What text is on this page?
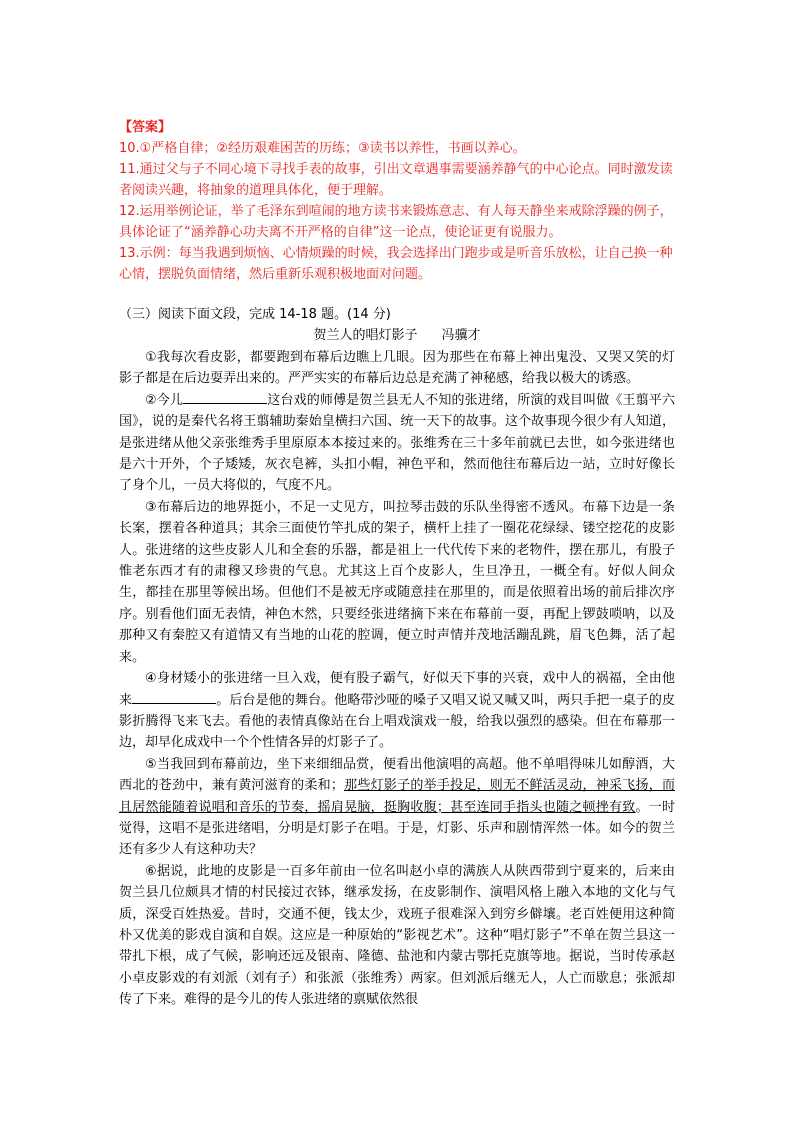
【答案】

10.①严格自律；②经历艰难困苦的历练；③读书以养性，书画以养心。

11.通过父与子不同心境下寻找手表的故事，引出文章遇事需要涵养静气的中心论点。同时激发读者阅读兴趣，将抽象的道理具体化，便于理解。

12.运用举例论证，举了毛泽东到喧闹的地方读书来锻炼意志、有人每天静坐来戒除浮躁的例子，具体论证了“涵养静心功夫离不开严格的自律”这一论点，使论证更有说服力。

13.示例：每当我遇到烦恼、心情烦躁的时候，我会选择出门跑步或是听音乐放松，让自己换一种心情，摆脱负面情绪，然后重新乐观积极地面对问题。

（三）阅读下面文段，完成 14-18 题。(14 分)
贺兰人的唱灯影子 冯骥才

①我每次看皮影，都要跑到布幕后边瞧上几眼。因为那些在布幕上神出鬼没、又哭又笑的灯影子都是在后边耍弄出来的。严严实实的布幕后边总是充满了神秘感，给我以极大的诱惑。

②今儿	这台戏的师傅是贺兰县无人不知的张进绪，所演的戏目叫做《王翦平六国》，说的是秦代名将王翦辅助秦始皇横扫六国、统一天下的故事。这个故事现今很少有人知道，是张进绪从他父亲张维秀手里原原本本接过来的。张维秀在三十多年前就已去世，如今张进绪也是六十开外，个子矮矮，灰衣皂裤，头扣小帽，神色平和，然而他往布幕后边一站，立时好像长了身个儿，一员大将似的，气度不凡。

③布幕后边的地界挺小，不足一丈见方，叫拉琴击鼓的乐队坐得密不透风。布幕下边是一条长案，摆着各种道具；其余三面使竹竿扎成的架子，横杆上挂了一圈花花绿绿、镂空挖花的皮影人。张进绪的这些皮影人儿和全套的乐器，都是祖上一代代传下来的老物件，摆在那儿，有股子惟老东西才有的肃穆又珍贵的气息。尤其这上百个皮影人，生旦净丑，一概全有。好似人间众生，都挂在那里等候出场。但他们不是被无序或随意挂在那里的，而是依照着出场的前后排次序序。别看他们面无表情，神色木然，只要经张进绪摘下来在布幕前一耍，再配上锣鼓唢呐，以及那种又有秦腔又有道情又有当地的山花的腔调，便立时声情并茂地活蹦乱跳，眉飞色舞，活了起来。

④身材矮小的张进绪一旦入戏，便有股子霸气，好似天下事的兴衰，戏中人的祸福，全由他来	。后台是他的舞台。他略带沙哑的嗓子又唱又说又喊又叫，两只手把一桌子的皮影折腾得飞来飞去。看他的表情真像站在台上唱戏演戏一般，给我以强烈的感染。但在布幕那一边，却早化成戏中一个个性情各异的灯影子了。

⑤当我回到布幕前边，坐下来细细品赏，便看出他演唱的高超。他不单唱得味儿如醇酒，大西北的苍劲中，兼有黄河滋育的柔和；那些灯影子的举手投足，则无不鲜活灵动，神采飞扬，而且居然能随着说唱和音乐的节奏，摇肩晃脑，挺胸收腹；甚至连同手指头也随之顿挫有致。一时觉得，这唱不是张进绪唱，分明是灯影子在唱。于是，灯影、乐声和剧情浑然一体。如今的贺兰还有多少人有这种功夫？

⑥据说，此地的皮影是一百多年前由一位名叫赵小卓的满族人从陕西带到宁夏来的，后来由贺兰县几位颇具才情的村民接过衣钵，继承发扬，在皮影制作、演唱风格上融入本地的文化与气质，深受百姓热爱。昔时，交通不便，钱太少，戏班子很难深入到穷乡僻壤。老百姓便用这种简朴又优美的影戏自演和自娱。这应是一种原始的“影视艺术”。这种“唱灯影子”不单在贺兰县这一带扎下根，成了气候，影响还远及银南、隆德、盐池和内蒙古鄂托克旗等地。据说，当时传承赵小卓皮影戏的有刘派（刘有子）和张派（张维秀）两家。但刘派后继无人，人亡而歇息；张派却传了下来。难得的是今儿的传人张进绪的禀赋依然很
